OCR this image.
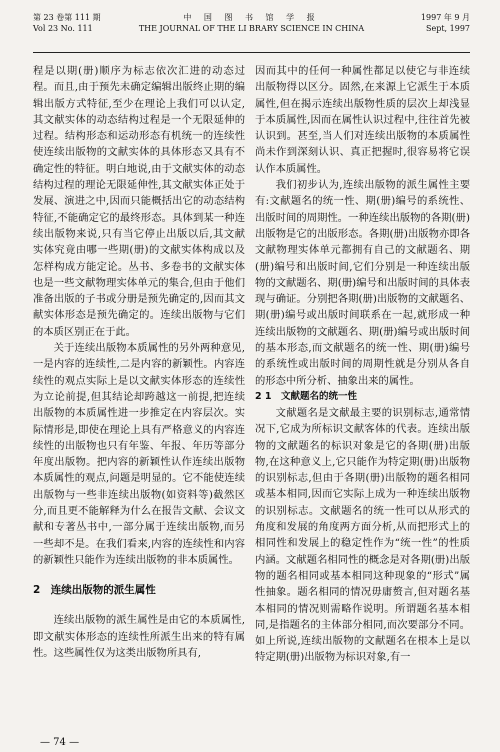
第 23 卷第 111 期
Vol 23 No. 111
中 国 图 书 馆 学 报
THE JOURNAL OF THE LI BRARY SCIENCE IN CHINA
1997 年 9 月
Sept, 1997

程是以期(册)顺序为标志依次汇进的动态过程。而且,由于预先未确定编辑出版终止期的编辑出版方式特征,至少在理论上我们可以认定,其文献实体的动态结构过程是一个无限延伸的过程。结构形态和运动形态有机统一的连续性使连续出版物的文献实体的具体形态又具有不确定性的特征。明白地说,由于文献实体的动态结构过程的理论无限延伸性,其文献实体正处于发展、演进之中,因而只能概括出它的动态结构特征,不能确定它的最终形态。具体到某一种连续出版物来说,只有当它停止出版以后,其文献实体究竟由哪一些期(册)的文献实体构成以及怎样构成方能定论。丛书、多卷书的文献实体也是一些文献物理实体单元的集合,但由于他们准备出版的子书或分册是预先确定的,因而其文献实体形态是预先确定的。连续出版物与它们的本质区别正在于此。

关于连续出版物本质属性的另外两种意见,一是内容的连续性,二是内容的新颖性。内容连续性的观点实际上是以文献实体形态的连续性为立论前提,但其结论却跨越这一前提,把连续出版物的本质属性进一步推定在内容层次。实际情形是,即使在理论上具有严格意义的内容连续性的出版物也只有年鉴、年报、年历等部分年度出版物。把内容的新颖性认作连续出版物本质属性的观点,问题是明显的。它不能使连续出版物与一些非连续出版物(如资料等)截然区分,而且更不能解释为什么在报告文献、会议文献和专著丛书中,一部分属于连续出版物,而另一些却不是。在我们看来,内容的连续性和内容的新颖性只能作为连续出版物的非本质属性。

2　连续出版物的派生属性

连续出版物的派生属性是由它的本质属性,即文献实体形态的连续性所派生出来的特有属性。这些属性仅为这类出版物所具有,

因而其中的任何一种属性都足以使它与非连续出版物得以区分。固然,在来源上它派生于本质属性,但在揭示连续出版物性质的层次上却浅显于本质属性,因而在属性认识过程中,往往首先被认识到。甚至,当人们对连续出版物的本质属性尚未作到深刻认识、真正把握时,很容易将它误认作本质属性。

我们初步认为,连续出版物的派生属性主要有:文献题名的统一性、期(册)编号的系统性、出版时间的周期性。一种连续出版物的各期(册)出版物是它的出版形态。各期(册)出版物亦即各文献物理实体单元都拥有自己的文献题名、期(册)编号和出版时间,它们分别是一种连续出版物的文献题名、期(册)编号和出版时间的具体表现与确证。分别把各期(册)出版物的文献题名、期(册)编号或出版时间联系在一起,就形成一种连续出版物的文献题名、期(册)编号或出版时间的基本形态,而文献题名的统一性、期(册)编号的系统性或出版时间的周期性就是分别从各自的形态中所分析、抽象出来的属性。

2 1　文献题名的统一性

文献题名是文献最主要的识别标志,通常情况下,它成为所标识文献客体的代表。连续出版物的文献题名的标识对象是它的各期(册)出版物,在这种意义上,它只能作为特定期(册)出版物的识别标志,但由于各期(册)出版物的题名相同或基本相同,因而它实际上成为一种连续出版物的识别标志。文献题名的统一性可以从形式的角度和发展的角度两方面分析,从而把形式上的相同性和发展上的稳定性作为“统一性”的性质内涵。文献题名相同性的概念是对各期(册)出版物的题名相同或基本相同这种现象的“形式”属性抽象。题名相同的情况毋庸赘言,但对题名基本相同的情况则需略作说明。所谓题名基本相同,是指题名的主体部分相同,而次要部分不同。如上所说,连续出版物的文献题名在根本上是以特定期(册)出版物为标识对象,有一

— 74 —
